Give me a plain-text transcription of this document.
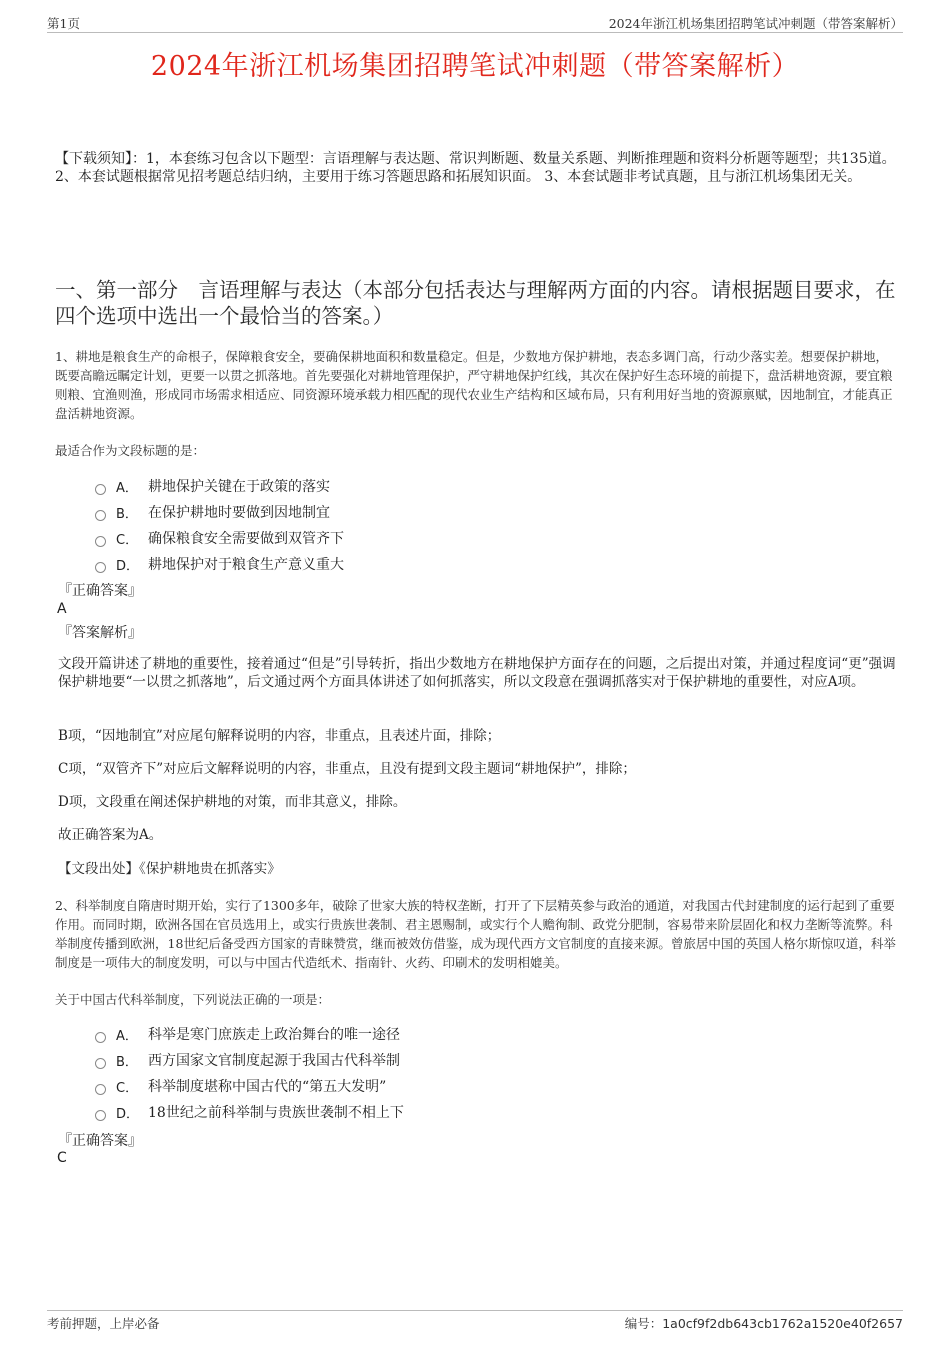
第1页	2024年浙江机场集团招聘笔试冲刺题（带答案解析）
2024年浙江机场集团招聘笔试冲刺题（带答案解析）
【下载须知】：1，本套练习包含以下题型：言语理解与表达题、常识判断题、数量关系题、判断推理题和资料分析题等题型；共135道。 2、本套试题根据常见招考题总结归纳，主要用于练习答题思路和拓展知识面。 3、本套试题非考试真题，且与浙江机场集团无关。
一、第一部分　言语理解与表达（本部分包括表达与理解两方面的内容。请根据题目要求，在四个选项中选出一个最恰当的答案。）
1、耕地是粮食生产的命根子，保障粮食安全，要确保耕地面积和数量稳定。但是，少数地方保护耕地，表态多调门高，行动少落实差。想要保护耕地，既要高瞻远瞩定计划，更要一以贯之抓落地。首先要强化对耕地管理保护，严守耕地保护红线，其次在保护好生态环境的前提下，盘活耕地资源，要宜粮则粮、宜渔则渔，形成同市场需求相适应、同资源环境承载力相匹配的现代农业生产结构和区域布局，只有利用好当地的资源禀赋，因地制宜，才能真正盘活耕地资源。
最适合作为文段标题的是：
A． 耕地保护关键在于政策的落实
B． 在保护耕地时要做到因地制宜
C． 确保粮食安全需要做到双管齐下
D． 耕地保护对于粮食生产意义重大
『正确答案』
A
『答案解析』
文段开篇讲述了耕地的重要性，接着通过“但是”引导转折，指出少数地方在耕地保护方面存在的问题，之后提出对策，并通过程度词“更”强调保护耕地要“一以贯之抓落地”，后文通过两个方面具体讲述了如何抓落实，所以文段意在强调抓落实对于保护耕地的重要性，对应A项。
B项，“因地制宜”对应尾句解释说明的内容，非重点，且表述片面，排除；
C项，“双管齐下”对应后文解释说明的内容，非重点，且没有提到文段主题词“耕地保护”，排除；
D项，文段重在阐述保护耕地的对策，而非其意义，排除。
故正确答案为A。
【文段出处】《保护耕地贵在抓落实》
2、科举制度自隋唐时期开始，实行了1300多年，破除了世家大族的特权垄断，打开了下层精英参与政治的通道，对我国古代封建制度的运行起到了重要作用。而同时期，欧洲各国在官员选用上，或实行贵族世袭制、君主恩赐制，或实行个人赡徇制、政党分肥制，容易带来阶层固化和权力垄断等流弊。科举制度传播到欧洲，18世纪后备受西方国家的青睐赞赏，继而被效仿借鉴，成为现代西方文官制度的直接来源。曾旅居中国的英国人格尔斯惊叹道，科举制度是一项伟大的制度发明，可以与中国古代造纸术、指南针、火药、印刷术的发明相媲美。
关于中国古代科举制度，下列说法正确的一项是：
A． 科举是寒门庶族走上政治舞台的唯一途径
B． 西方国家文官制度起源于我国古代科举制
C． 科举制度堪称中国古代的“第五大发明”
D． 18世纪之前科举制与贵族世袭制不相上下
『正确答案』
C
考前押题，上岸必备	编号：1a0cf9f2db643cb1762a1520e40f2657
